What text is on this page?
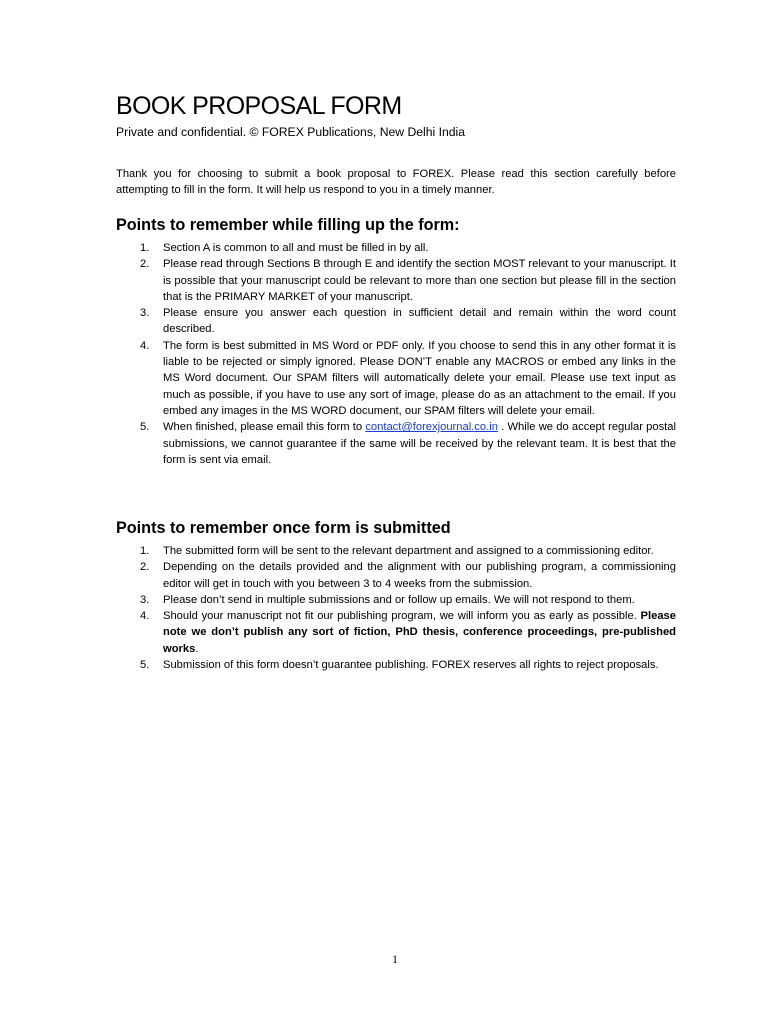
BOOK PROPOSAL FORM

Private and confidential. © FOREX Publications, New Delhi India

Thank you for choosing to submit a book proposal to FOREX. Please read this section carefully before attempting to fill in the form. It will help us respond to you in a timely manner.

Points to remember while filling up the form:
1. Section A is common to all and must be filled in by all.
2. Please read through Sections B through E and identify the section MOST relevant to your manuscript. It is possible that your manuscript could be relevant to more than one section but please fill in the section that is the PRIMARY MARKET of your manuscript.
3. Please ensure you answer each question in sufficient detail and remain within the word count described.
4. The form is best submitted in MS Word or PDF only. If you choose to send this in any other format it is liable to be rejected or simply ignored. Please DON’T enable any MACROS or embed any links in the MS Word document. Our SPAM filters will automatically delete your email. Please use text input as much as possible, if you have to use any sort of image, please do as an attachment to the email. If you embed any images in the MS WORD document, our SPAM filters will delete your email.
5. When finished, please email this form to contact@forexjournal.co.in . While we do accept regular postal submissions, we cannot guarantee if the same will be received by the relevant team. It is best that the form is sent via email.
Points to remember once form is submitted
1. The submitted form will be sent to the relevant department and assigned to a commissioning editor.
2. Depending on the details provided and the alignment with our publishing program, a commissioning editor will get in touch with you between 3 to 4 weeks from the submission.
3. Please don’t send in multiple submissions and or follow up emails. We will not respond to them.
4. Should your manuscript not fit our publishing program, we will inform you as early as possible. Please note we don’t publish any sort of fiction, PhD thesis, conference proceedings, pre-published works.
5. Submission of this form doesn’t guarantee publishing. FOREX reserves all rights to reject proposals.

1
